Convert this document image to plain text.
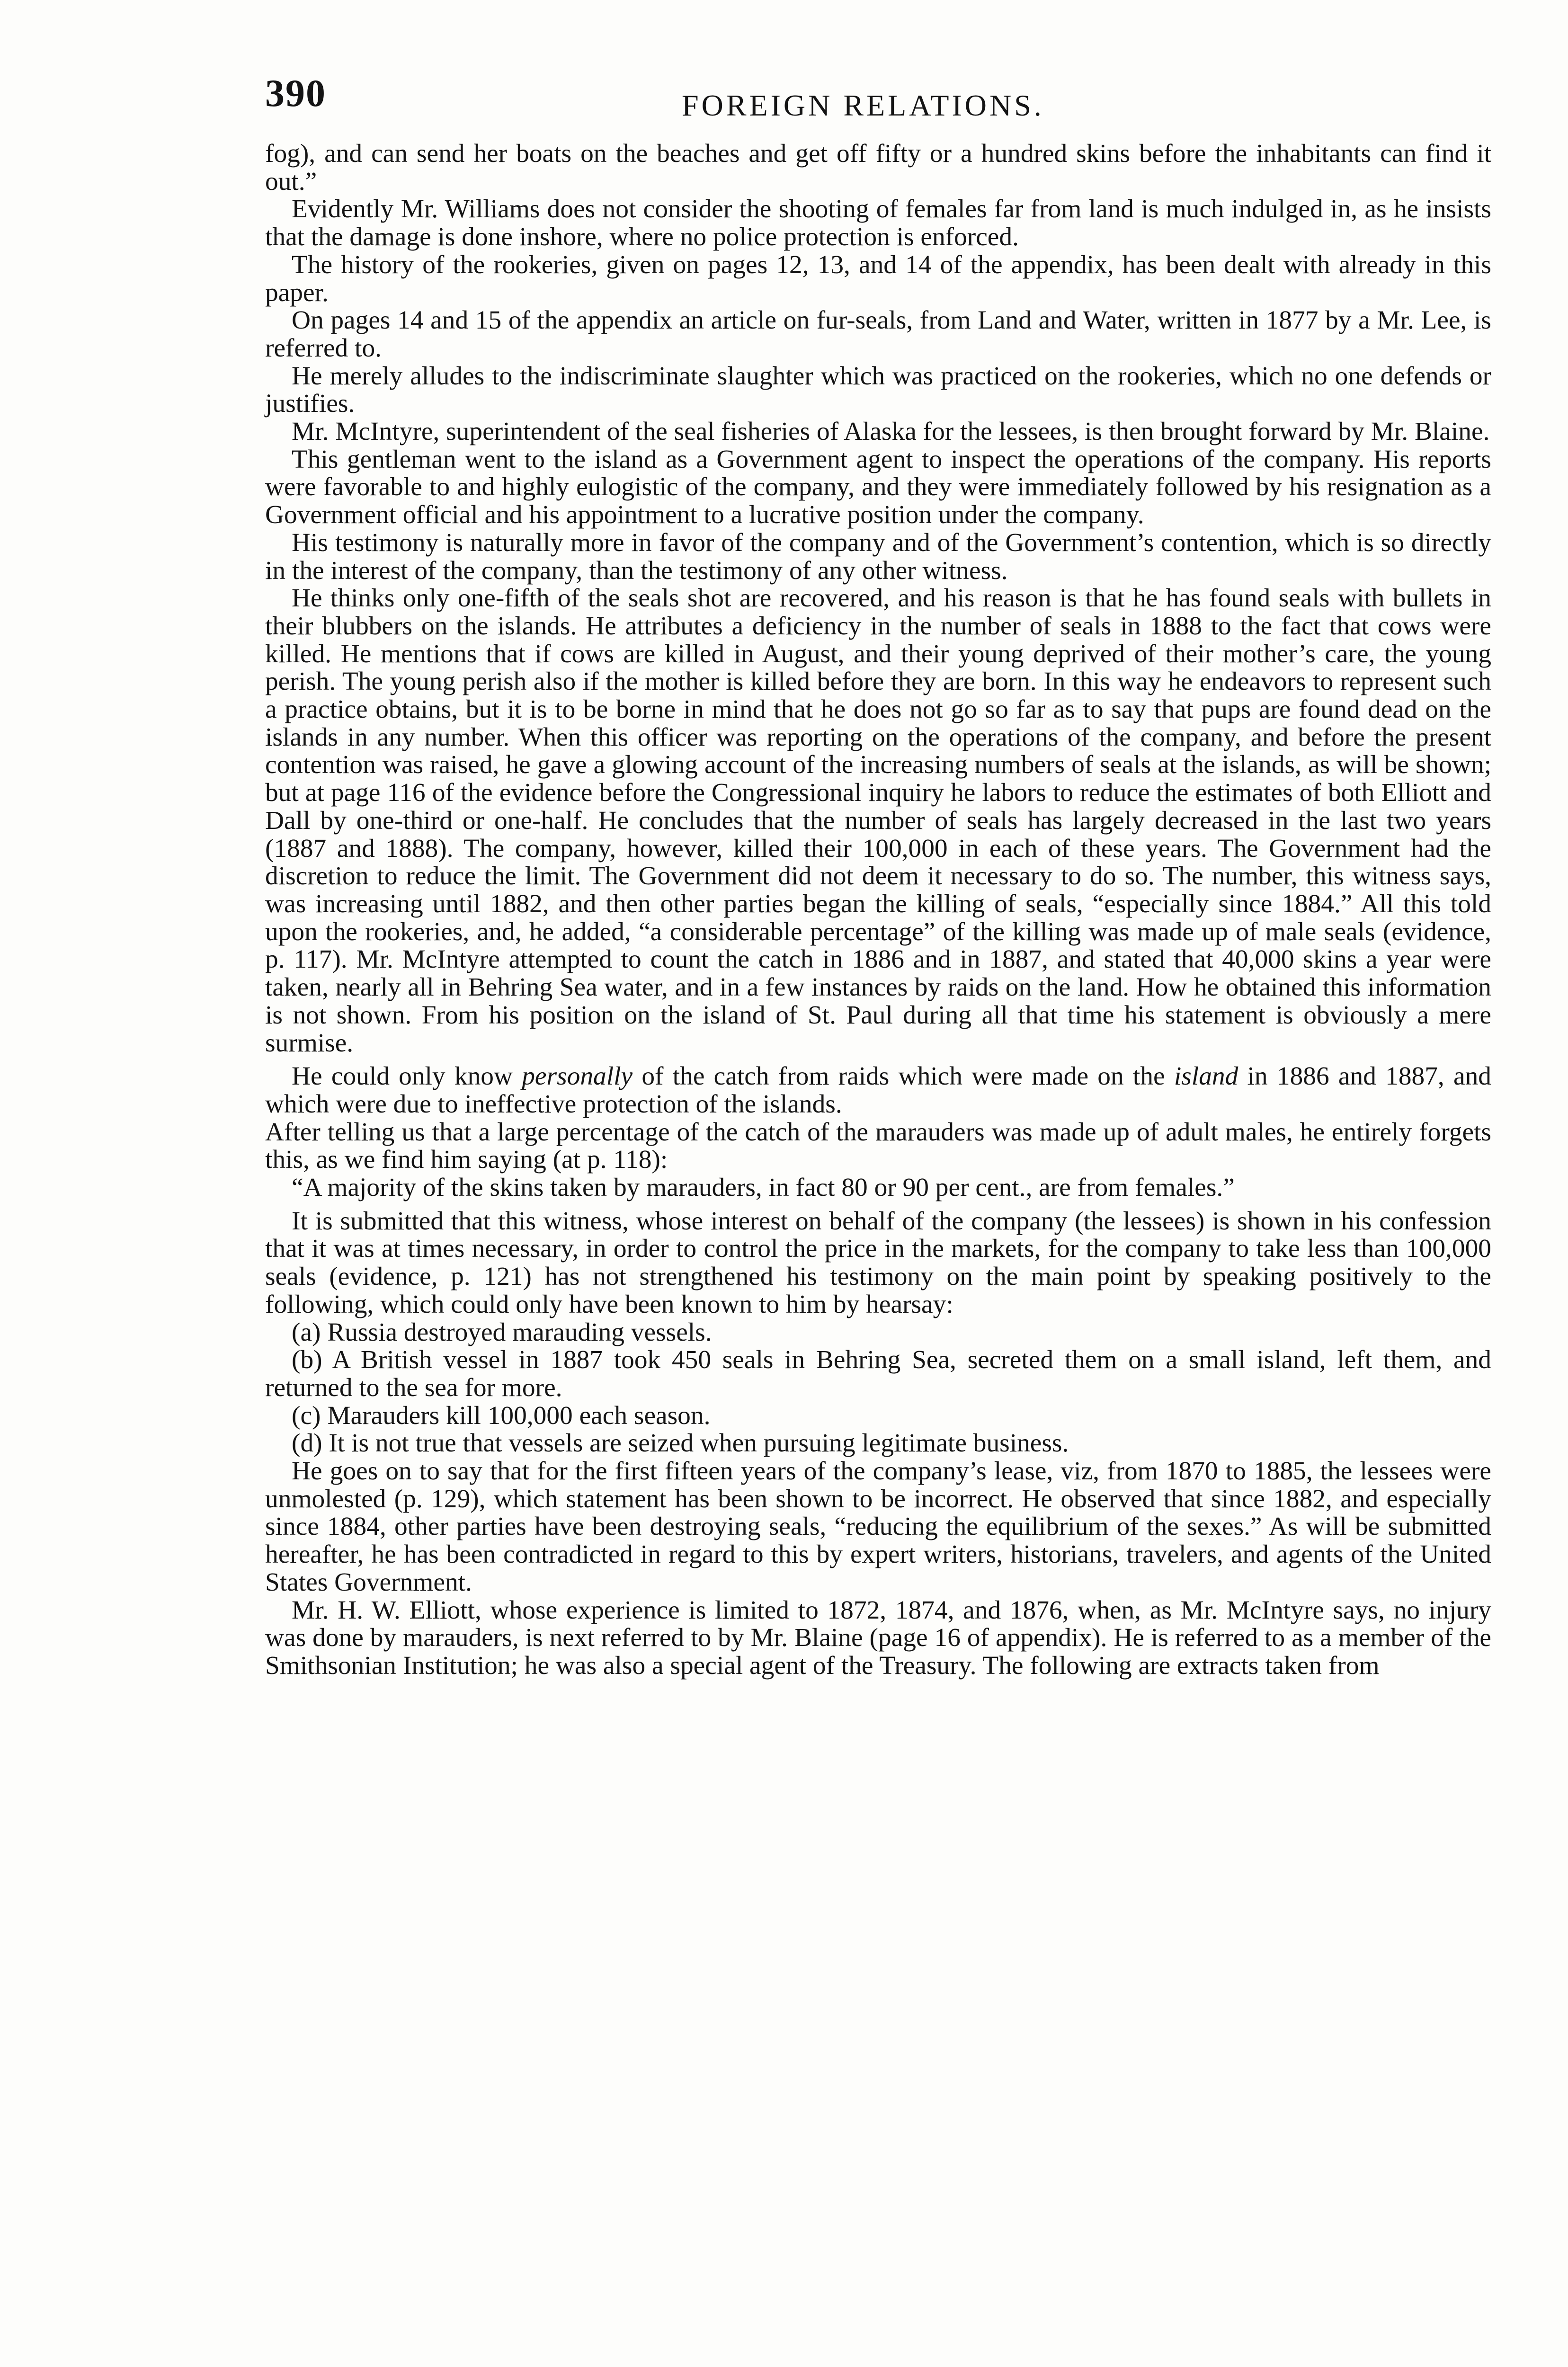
390	FOREIGN RELATIONS.

fog), and can send her boats on the beaches and get off fifty or a hundred skins before the inhabitants can find it out.”

Evidently Mr. Williams does not consider the shooting of females far from land is much indulged in, as he insists that the damage is done inshore, where no police protection is enforced.

The history of the rookeries, given on pages 12, 13, and 14 of the appendix, has been dealt with already in this paper.

On pages 14 and 15 of the appendix an article on fur-seals, from Land and Water, written in 1877 by a Mr. Lee, is referred to.

He merely alludes to the indiscriminate slaughter which was practiced on the rookeries, which no one defends or justifies.

Mr. McIntyre, superintendent of the seal fisheries of Alaska for the lessees, is then brought forward by Mr. Blaine.

This gentleman went to the island as a Government agent to inspect the operations of the company. His reports were favorable to and highly eulogistic of the company, and they were immediately followed by his resignation as a Government official and his appointment to a lucrative position under the company.

His testimony is naturally more in favor of the company and of the Government’s contention, which is so directly in the interest of the company, than the testimony of any other witness.

He thinks only one-fifth of the seals shot are recovered, and his reason is that he has found seals with bullets in their blubbers on the islands. He attributes a deficiency in the number of seals in 1888 to the fact that cows were killed. He mentions that if cows are killed in August, and their young deprived of their mother’s care, the young perish. The young perish also if the mother is killed before they are born. In this way he endeavors to represent such a practice obtains, but it is to be borne in mind that he does not go so far as to say that pups are found dead on the islands in any number. When this officer was reporting on the operations of the company, and before the present contention was raised, he gave a glowing account of the increasing numbers of seals at the islands, as will be shown; but at page 116 of the evidence before the Congressional inquiry he labors to reduce the estimates of both Elliott and Dall by one-third or one-half. He concludes that the number of seals has largely decreased in the last two years (1887 and 1888). The company, however, killed their 100,000 in each of these years. The Government had the discretion to reduce the limit. The Government did not deem it necessary to do so. The number, this witness says, was increasing until 1882, and then other parties began the killing of seals, “especially since 1884.” All this told upon the rookeries, and, he added, “a considerable percentage” of the killing was made up of male seals (evidence, p. 117). Mr. McIntyre attempted to count the catch in 1886 and in 1887, and stated that 40,000 skins a year were taken, nearly all in Behring Sea water, and in a few instances by raids on the land. How he obtained this information is not shown. From his position on the island of St. Paul during all that time his statement is obviously a mere surmise.

He could only know personally of the catch from raids which were made on the island in 1886 and 1887, and which were due to ineffective protection of the islands.

After telling us that a large percentage of the catch of the marauders was made up of adult males, he entirely forgets this, as we find him saying (at p. 118):

“A majority of the skins taken by marauders, in fact 80 or 90 per cent., are from females.”

It is submitted that this witness, whose interest on behalf of the company (the lessees) is shown in his confession that it was at times necessary, in order to control the price in the markets, for the company to take less than 100,000 seals (evidence, p. 121) has not strengthened his testimony on the main point by speaking positively to the following, which could only have been known to him by hearsay:

(a) Russia destroyed marauding vessels.

(b) A British vessel in 1887 took 450 seals in Behring Sea, secreted them on a small island, left them, and returned to the sea for more.

(c) Marauders kill 100,000 each season.

(d) It is not true that vessels are seized when pursuing legitimate business.

He goes on to say that for the first fifteen years of the company’s lease, viz, from 1870 to 1885, the lessees were unmolested (p. 129), which statement has been shown to be incorrect. He observed that since 1882, and especially since 1884, other parties have been destroying seals, “reducing the equilibrium of the sexes.” As will be submitted hereafter, he has been contradicted in regard to this by expert writers, historians, travelers, and agents of the United States Government.

Mr. H. W. Elliott, whose experience is limited to 1872, 1874, and 1876, when, as Mr. McIntyre says, no injury was done by marauders, is next referred to by Mr. Blaine (page 16 of appendix). He is referred to as a member of the Smithsonian Institution; he was also a special agent of the Treasury. The following are extracts taken from
